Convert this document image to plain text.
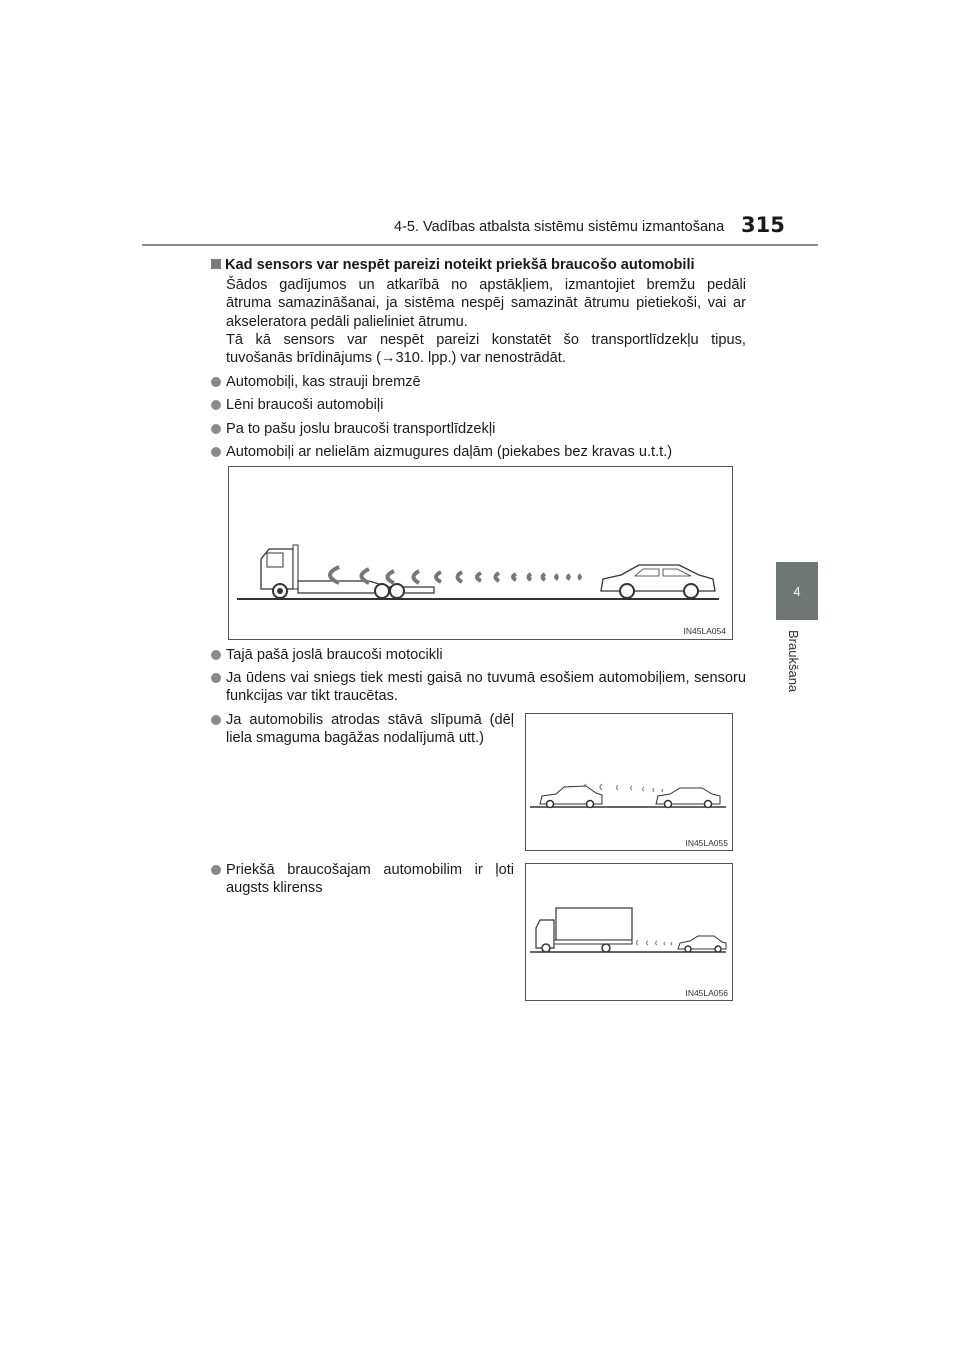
4-5. Vadības atbalsta sistēmu sistēmu izmantošana 315
4
Braukšana
Kad sensors var nespēt pareizi noteikt priekšā braucošo automobili
Šādos gadījumos un atkarībā no apstākļiem, izmantojiet bremžu pedāli
ātruma samazināšanai, ja sistēma nespēj samazināt ātrumu pietiekoši, vai ar
akseleratora pedāli palieliniet ātrumu.
Tā kā sensors var nespēt pareizi konstatēt šo transportlīdzekļu tipus,
tuvošanās brīdinājums (→310. lpp.) var nenostrādāt.
Automobiļi, kas strauji bremzē
Lēni braucoši automobiļi
Pa to pašu joslu braucoši transportlīdzekļi
Automobiļi ar nelielām aizmugures daļām (piekabes bez kravas u.t.t.)
IN45LA054
Tajā pašā joslā braucoši motocikli
Ja ūdens vai sniegs tiek mesti gaisā no tuvumā esošiem automobiļiem, sensoru funkcijas var tikt traucētas.
Ja automobilis atrodas stāvā slīpumā (dēļ liela smaguma bagāžas nodalījumā utt.)
IN45LA055
Priekšā braucošajam automobilim ir ļoti augsts klirenss
IN45LA056
